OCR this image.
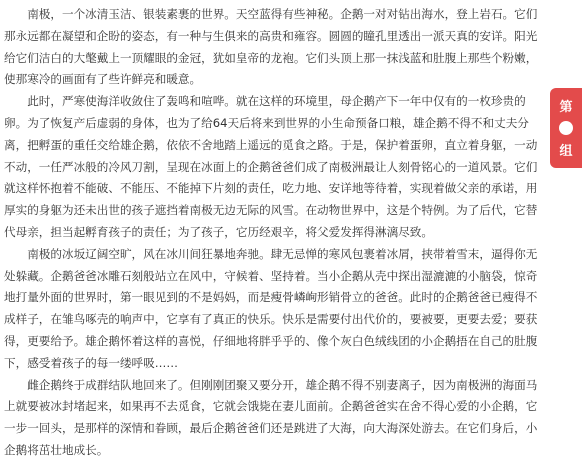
南极，一个冰清玉洁、银装素裹的世界。天空蓝得有些神秘。企鹅一对对钻出海水，登上岩石。它们那永远都在凝望和企盼的姿态，有一种与生俱来的高贵和雍容。圆圆的瞳孔里透出一派天真的安详。阳光给它们洁白的大氅戴上一顶耀眼的金冠，犹如皇帝的龙袍。它们头顶上那一抹浅蓝和肚腹上那些个粉嫩，使那寒冷的画面有了些许鲜亮和暖意。

此时，严寒使海洋收敛住了轰鸣和喧哗。就在这样的环境里，母企鹅产下一年中仅有的一枚珍贵的卵。为了恢复产后虚弱的身体，也为了给64天后将来到世界的小生命预备口粮，雄企鹅不得不和丈夫分离，把孵蛋的重任交给雄企鹅，依依不舍地踏上遥远的觅食之路。于是，保护着蛋卵，直立着身躯，一动不动，一任严冰般的冷风刀割，呈现在冰面上的企鹅爸爸们成了南极洲最让人刻骨铭心的一道风景。它们就这样怀抱着不能破、不能压、不能掉下片刻的责任，吃力地、安详地等待着，实现着做父亲的承诺，用厚实的身躯为还未出世的孩子遮挡着南极无边无际的风雪。在动物世界中，这是个特例。为了后代，它替代母亲，担当起孵育孩子的责任；为了孩子，它历经艰辛，将父爱发挥得淋漓尽致。

南极的冰坂辽阔空旷，风在冰川间狂暴地奔驰。肆无忌惮的寒风包裹着冰屑，挟带着雪末，逼得你无处躲藏。企鹅爸爸冰雕石刻般站立在风中，守候着、坚持着。当小企鹅从壳中探出湿漉漉的小脑袋，惊奇地打量外面的世界时，第一眼见到的不是妈妈，而是瘦骨嶙峋形销骨立的爸爸。此时的企鹅爸爸已瘦得不成样子，在雏鸟啄壳的响声中，它享有了真正的快乐。快乐是需要付出代价的，要被要，更要去爱；要获得，更要给予。雄企鹅怀着这样的喜悦，仔细地将胖乎乎的、像个灰白色绒线团的小企鹅捂在自己的肚腹下，感受着孩子的每一缕呼吸……

雌企鹅终于成群结队地回来了。但刚刚团聚又要分开，雄企鹅不得不别妻离子，因为南极洲的海面马上就要被冰封堵起来，如果再不去觅食，它就会饿毙在妻儿面前。企鹅爸爸实在舍不得心爱的小企鹅，它一步一回头，是那样的深情和眷顾，最后企鹅爸爸们还是跳进了大海，向大海深处游去。在它们身后，小企鹅将茁壮地成长。

第
组
